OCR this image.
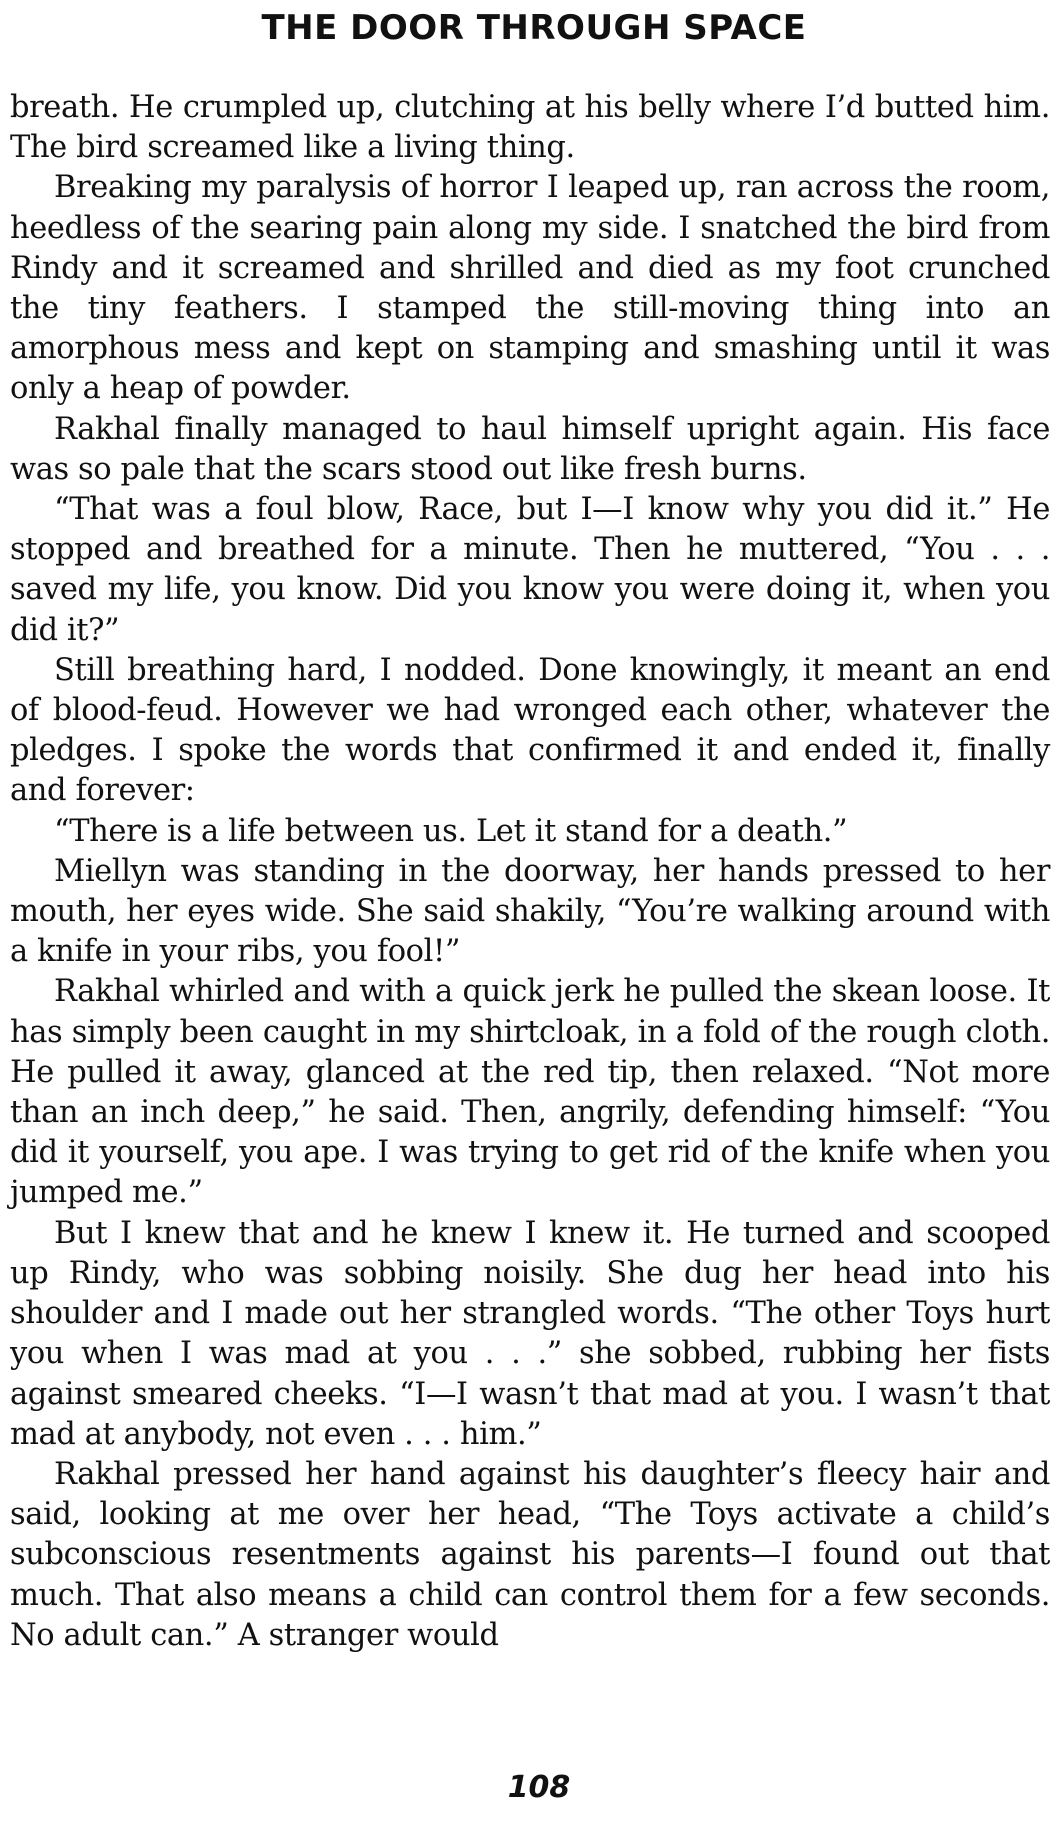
THE DOOR THROUGH SPACE

breath. He crumpled up, clutching at his belly where I’d butted him. The bird screamed like a living thing.

Breaking my paralysis of horror I leaped up, ran across the room, heedless of the searing pain along my side. I snatched the bird from Rindy and it screamed and shrilled and died as my foot crunched the tiny feathers. I stamped the still-moving thing into an amorphous mess and kept on stamping and smashing until it was only a heap of powder.

Rakhal finally managed to haul himself upright again. His face was so pale that the scars stood out like fresh burns.

“That was a foul blow, Race, but I—I know why you did it.” He stopped and breathed for a minute. Then he muttered, “You . . . saved my life, you know. Did you know you were doing it, when you did it?”

Still breathing hard, I nodded. Done knowingly, it meant an end of blood-feud. However we had wronged each other, whatever the pledges. I spoke the words that confirmed it and ended it, finally and forever:

“There is a life between us. Let it stand for a death.”

Miellyn was standing in the doorway, her hands pressed to her mouth, her eyes wide. She said shakily, “You’re walking around with a knife in your ribs, you fool!”

Rakhal whirled and with a quick jerk he pulled the skean loose. It has simply been caught in my shirtcloak, in a fold of the rough cloth. He pulled it away, glanced at the red tip, then relaxed. “Not more than an inch deep,” he said. Then, angrily, defending himself: “You did it yourself, you ape. I was trying to get rid of the knife when you jumped me.”

But I knew that and he knew I knew it. He turned and scooped up Rindy, who was sobbing noisily. She dug her head into his shoulder and I made out her strangled words. “The other Toys hurt you when I was mad at you . . .” she sobbed, rubbing her fists against smeared cheeks. “I—I wasn’t that mad at you. I wasn’t that mad at anybody, not even . . . him.”

Rakhal pressed her hand against his daughter’s fleecy hair and said, looking at me over her head, “The Toys activate a child’s subconscious resentments against his parents—I found out that much. That also means a child can control them for a few seconds. No adult can.” A stranger would

108
